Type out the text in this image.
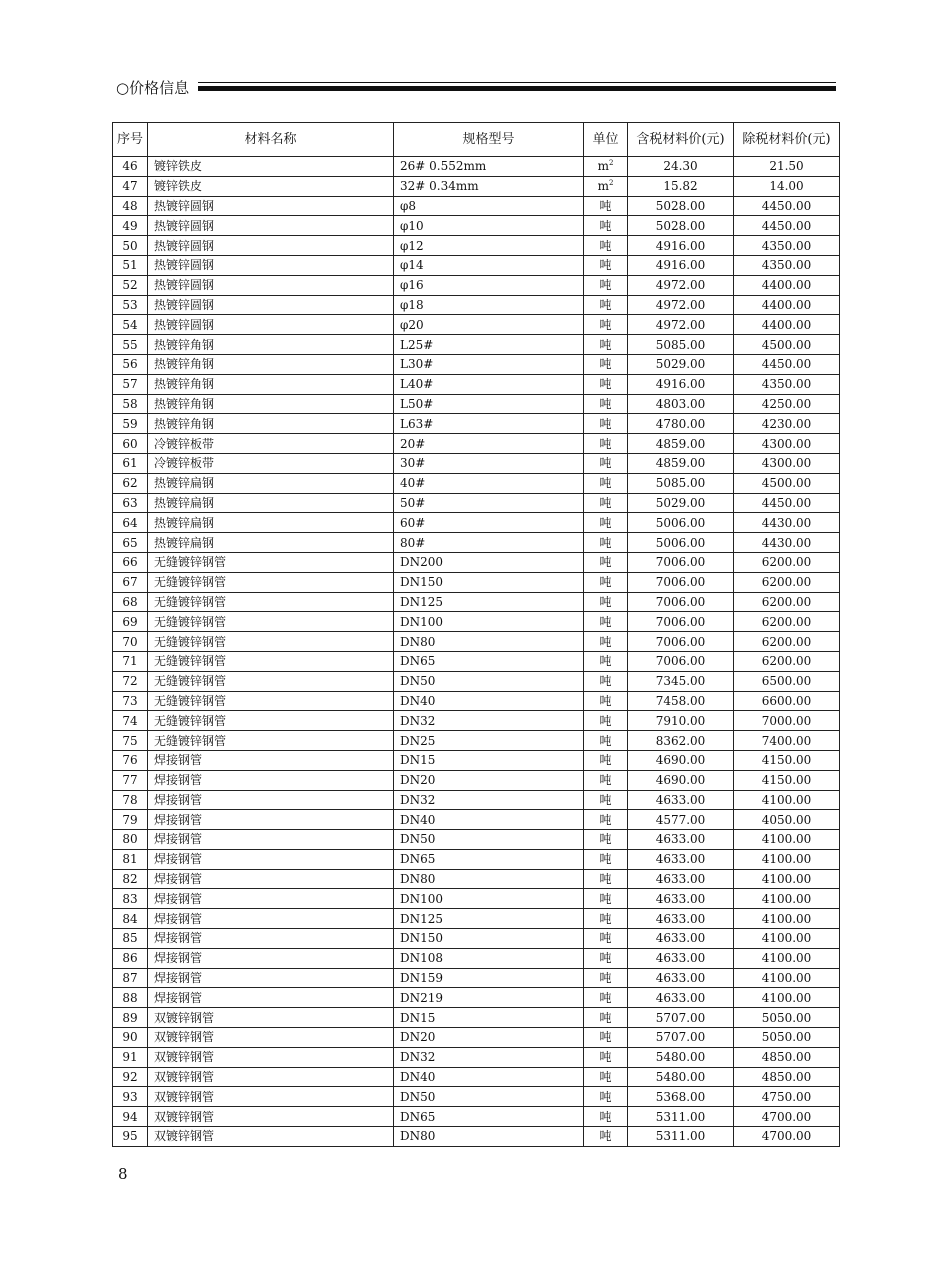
○价格信息
序号	材料名称	规格型号	单位	含税材料价(元)	除税材料价(元)
46	镀锌铁皮	26# 0.552mm	$m^2$	24.30	21.50
47	镀锌铁皮	32# 0.34mm	$m^2$	15.82	14.00
48	热镀锌圆钢	φ8	吨	5028.00	4450.00
49	热镀锌圆钢	φ10	吨	5028.00	4450.00
50	热镀锌圆钢	φ12	吨	4916.00	4350.00
51	热镀锌圆钢	φ14	吨	4916.00	4350.00
52	热镀锌圆钢	φ16	吨	4972.00	4400.00
53	热镀锌圆钢	φ18	吨	4972.00	4400.00
54	热镀锌圆钢	φ20	吨	4972.00	4400.00
55	热镀锌角钢	L25#	吨	5085.00	4500.00
56	热镀锌角钢	L30#	吨	5029.00	4450.00
57	热镀锌角钢	L40#	吨	4916.00	4350.00
58	热镀锌角钢	L50#	吨	4803.00	4250.00
59	热镀锌角钢	L63#	吨	4780.00	4230.00
60	冷镀锌板带	20#	吨	4859.00	4300.00
61	冷镀锌板带	30#	吨	4859.00	4300.00
62	热镀锌扁钢	40#	吨	5085.00	4500.00
63	热镀锌扁钢	50#	吨	5029.00	4450.00
64	热镀锌扁钢	60#	吨	5006.00	4430.00
65	热镀锌扁钢	80#	吨	5006.00	4430.00
66	无缝镀锌钢管	DN200	吨	7006.00	6200.00
67	无缝镀锌钢管	DN150	吨	7006.00	6200.00
68	无缝镀锌钢管	DN125	吨	7006.00	6200.00
69	无缝镀锌钢管	DN100	吨	7006.00	6200.00
70	无缝镀锌钢管	DN80	吨	7006.00	6200.00
71	无缝镀锌钢管	DN65	吨	7006.00	6200.00
72	无缝镀锌钢管	DN50	吨	7345.00	6500.00
73	无缝镀锌钢管	DN40	吨	7458.00	6600.00
74	无缝镀锌钢管	DN32	吨	7910.00	7000.00
75	无缝镀锌钢管	DN25	吨	8362.00	7400.00
76	焊接钢管	DN15	吨	4690.00	4150.00
77	焊接钢管	DN20	吨	4690.00	4150.00
78	焊接钢管	DN32	吨	4633.00	4100.00
79	焊接钢管	DN40	吨	4577.00	4050.00
80	焊接钢管	DN50	吨	4633.00	4100.00
81	焊接钢管	DN65	吨	4633.00	4100.00
82	焊接钢管	DN80	吨	4633.00	4100.00
83	焊接钢管	DN100	吨	4633.00	4100.00
84	焊接钢管	DN125	吨	4633.00	4100.00
85	焊接钢管	DN150	吨	4633.00	4100.00
86	焊接钢管	DN108	吨	4633.00	4100.00
87	焊接钢管	DN159	吨	4633.00	4100.00
88	焊接钢管	DN219	吨	4633.00	4100.00
89	双镀锌钢管	DN15	吨	5707.00	5050.00
90	双镀锌钢管	DN20	吨	5707.00	5050.00
91	双镀锌钢管	DN32	吨	5480.00	4850.00
92	双镀锌钢管	DN40	吨	5480.00	4850.00
93	双镀锌钢管	DN50	吨	5368.00	4750.00
94	双镀锌钢管	DN65	吨	5311.00	4700.00
95	双镀锌钢管	DN80	吨	5311.00	4700.00
8
